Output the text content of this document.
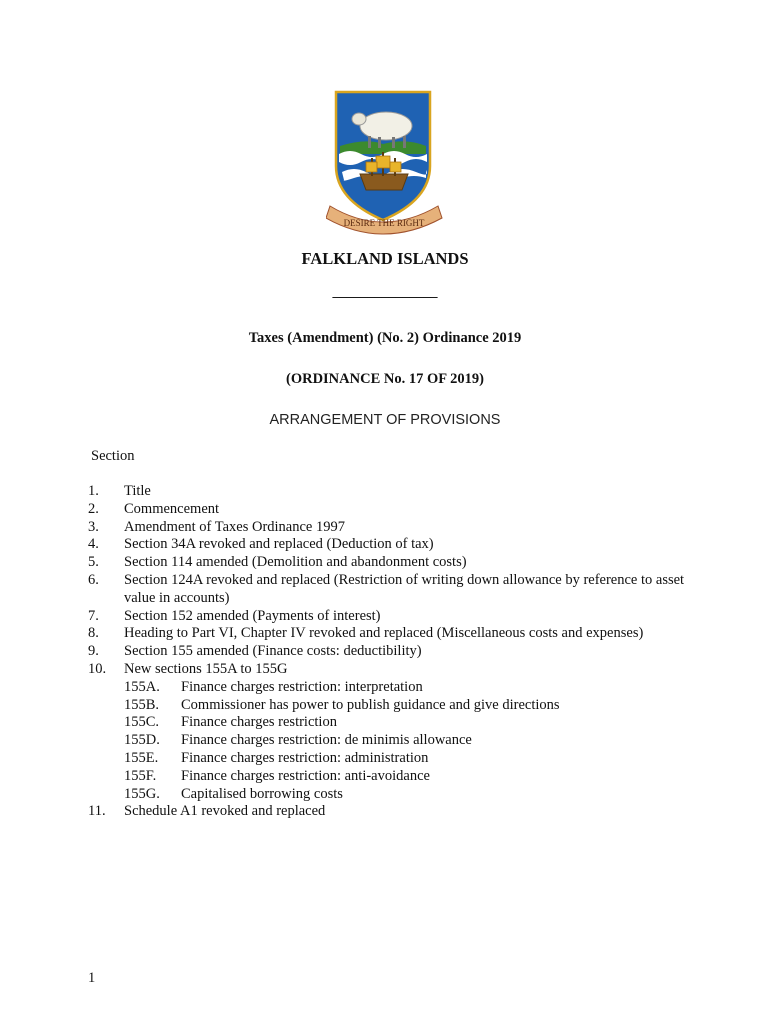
DESIRE THE RIGHT
FALKLAND ISLANDS
_______________
Taxes (Amendment) (No. 2) Ordinance 2019
(ORDINANCE No. 17 OF 2019)
ARRANGEMENT OF PROVISIONS
Section
1.	Title
2.	Commencement
3.	Amendment of Taxes Ordinance 1997
4.	Section 34A revoked and replaced (Deduction of tax)
5.	Section 114 amended (Demolition and abandonment costs)
6.	Section 124A revoked and replaced (Restriction of writing down allowance by reference to asset value in accounts)
7.	Section 152 amended (Payments of interest)
8.	Heading to Part VI, Chapter IV revoked and replaced (Miscellaneous costs and expenses)
9.	Section 155 amended (Finance costs: deductibility)
10.	New sections 155A to 155G
155A.	Finance charges restriction: interpretation
155B.	Commissioner has power to publish guidance and give directions
155C.	Finance charges restriction
155D.	Finance charges restriction: de minimis allowance
155E.	Finance charges restriction: administration
155F.	Finance charges restriction: anti-avoidance
155G.	Capitalised borrowing costs
11.	Schedule A1 revoked and replaced
1
